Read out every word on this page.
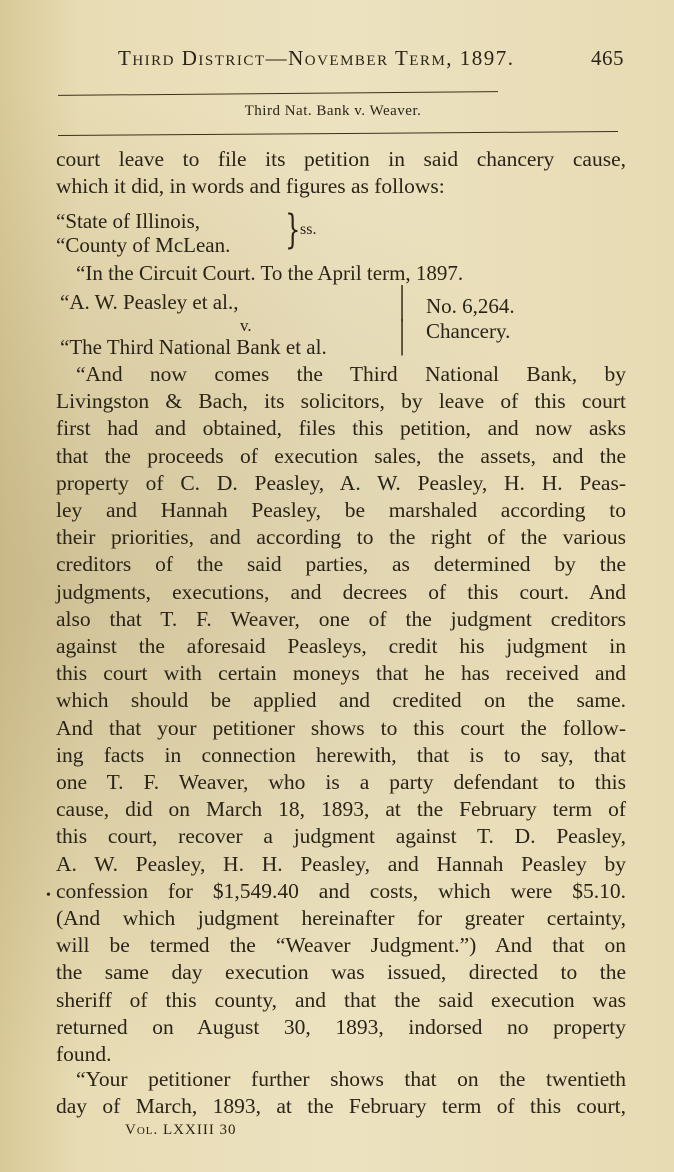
Third District—November Term, 1897.	465
Third Nat. Bank v. Weaver.
court leave to file its petition in said chancery cause,
which it did, in words and figures as follows:
“State of Illinois,
“County of McLean. } ss.
“In the Circuit Court. To the April term, 1897.
“A. W. Peasley et al.,
v.
“The Third National Bank et al.
|
|
No. 6,264.
Chancery.
“And now comes the Third National Bank, by
Livingston & Bach, its solicitors, by leave of this court
first had and obtained, files this petition, and now asks
that the proceeds of execution sales, the assets, and the
property of C. D. Peasley, A. W. Peasley, H. H. Peas-
ley and Hannah Peasley, be marshaled according to
their priorities, and according to the right of the various
creditors of the said parties, as determined by the
judgments, executions, and decrees of this court. And
also that T. F. Weaver, one of the judgment creditors
against the aforesaid Peasleys, credit his judgment in
this court with certain moneys that he has received and
which should be applied and credited on the same.
And that your petitioner shows to this court the follow-
ing facts in connection herewith, that is to say, that
one T. F. Weaver, who is a party defendant to this
cause, did on March 18, 1893, at the February term of
this court, recover a judgment against T. D. Peasley,
A. W. Peasley, H. H. Peasley, and Hannah Peasley by
confession for $1,549.40 and costs, which were $5.10.
(And which judgment hereinafter for greater certainty,
will be termed the “Weaver Judgment.”) And that on
the same day execution was issued, directed to the
sheriff of this county, and that the said execution was
returned on August 30, 1893, indorsed no property
found.
•
“Your petitioner further shows that on the twentieth
day of March, 1893, at the February term of this court,
Vol. LXXIII 30
